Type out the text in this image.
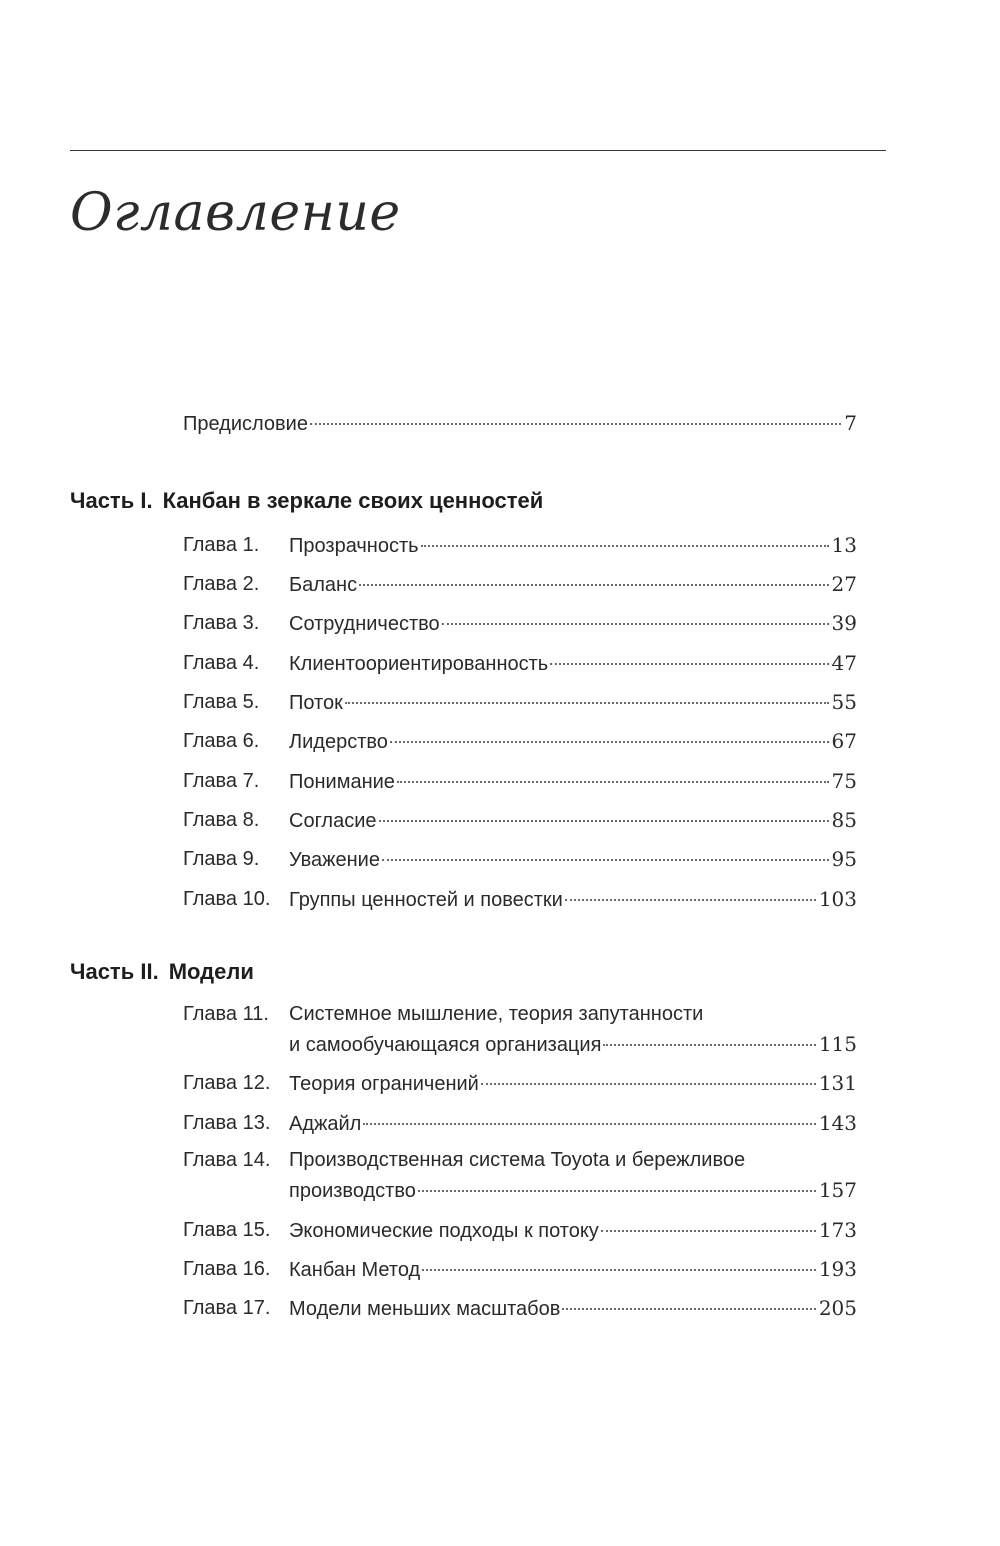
Оглавление
Предисловие	7
Часть I. Канбан в зеркале своих ценностей
Глава 1. Прозрачность	13
Глава 2. Баланс	27
Глава 3. Сотрудничество	39
Глава 4. Клиентоориентированность	47
Глава 5. Поток	55
Глава 6. Лидерство	67
Глава 7. Понимание	75
Глава 8. Согласие	85
Глава 9. Уважение	95
Глава 10. Группы ценностей и повестки	103
Часть II. Модели
Глава 11. Системное мышление, теория запутанности
и самообучающаяся организация	115
Глава 12. Теория ограничений	131
Глава 13. Аджайл	143
Глава 14. Производственная система Toyota и бережливое
производство	157
Глава 15. Экономические подходы к потоку	173
Глава 16. Канбан Метод	193
Глава 17. Модели меньших масштабов	205
